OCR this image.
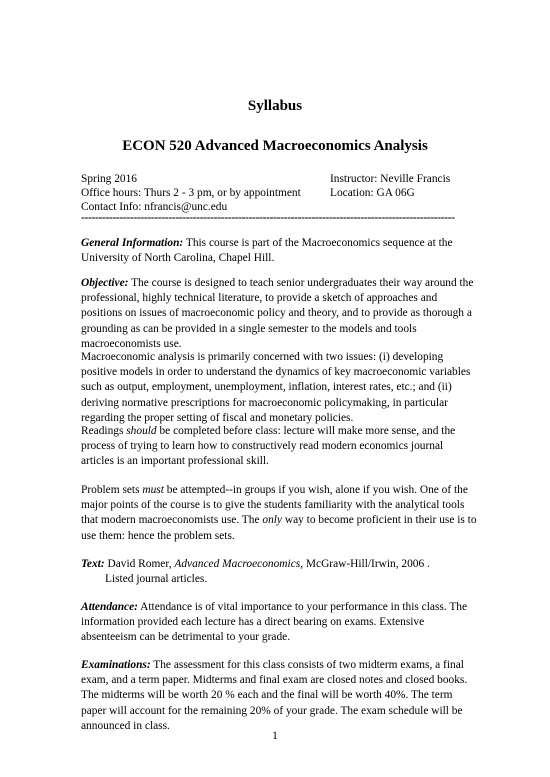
Syllabus
ECON 520 Advanced Macroeconomics Analysis
Spring 2016
Office hours: Thurs 2 - 3 pm, or by appointment
Contact Info: nfrancis@unc.edu
Instructor: Neville Francis
Location: GA 06G
-----------------------------------------------------------------------------------------------------------

General Information: This course is part of the Macroeconomics sequence at the University of North Carolina, Chapel Hill.

Objective: The course is designed to teach senior undergraduates their way around the professional, highly technical literature, to provide a sketch of approaches and positions on issues of macroeconomic policy and theory, and to provide as thorough a grounding as can be provided in a single semester to the models and tools macroeconomists use.

Macroeconomic analysis is primarily concerned with two issues: (i) developing positive models in order to understand the dynamics of key macroeconomic variables such as output, employment, unemployment, inflation, interest rates, etc.; and (ii) deriving normative prescriptions for macroeconomic policymaking, in particular regarding the proper setting of fiscal and monetary policies.

Readings should be completed before class: lecture will make more sense, and the process of trying to learn how to constructively read modern economics journal articles is an important professional skill.

Problem sets must be attempted--in groups if you wish, alone if you wish. One of the major points of the course is to give the students familiarity with the analytical tools that modern macroeconomists use. The only way to become proficient in their use is to use them: hence the problem sets.

Text: David Romer, Advanced Macroeconomics, McGraw-Hill/Irwin, 2006 .
Listed journal articles.

Attendance: Attendance is of vital importance to your performance in this class. The information provided each lecture has a direct bearing on exams. Extensive absenteeism can be detrimental to your grade.

Examinations: The assessment for this class consists of two midterm exams, a final exam, and a term paper. Midterms and final exam are closed notes and closed books. The midterms will be worth 20 % each and the final will be worth 40%. The term paper will account for the remaining 20% of your grade. The exam schedule will be announced in class.

1
